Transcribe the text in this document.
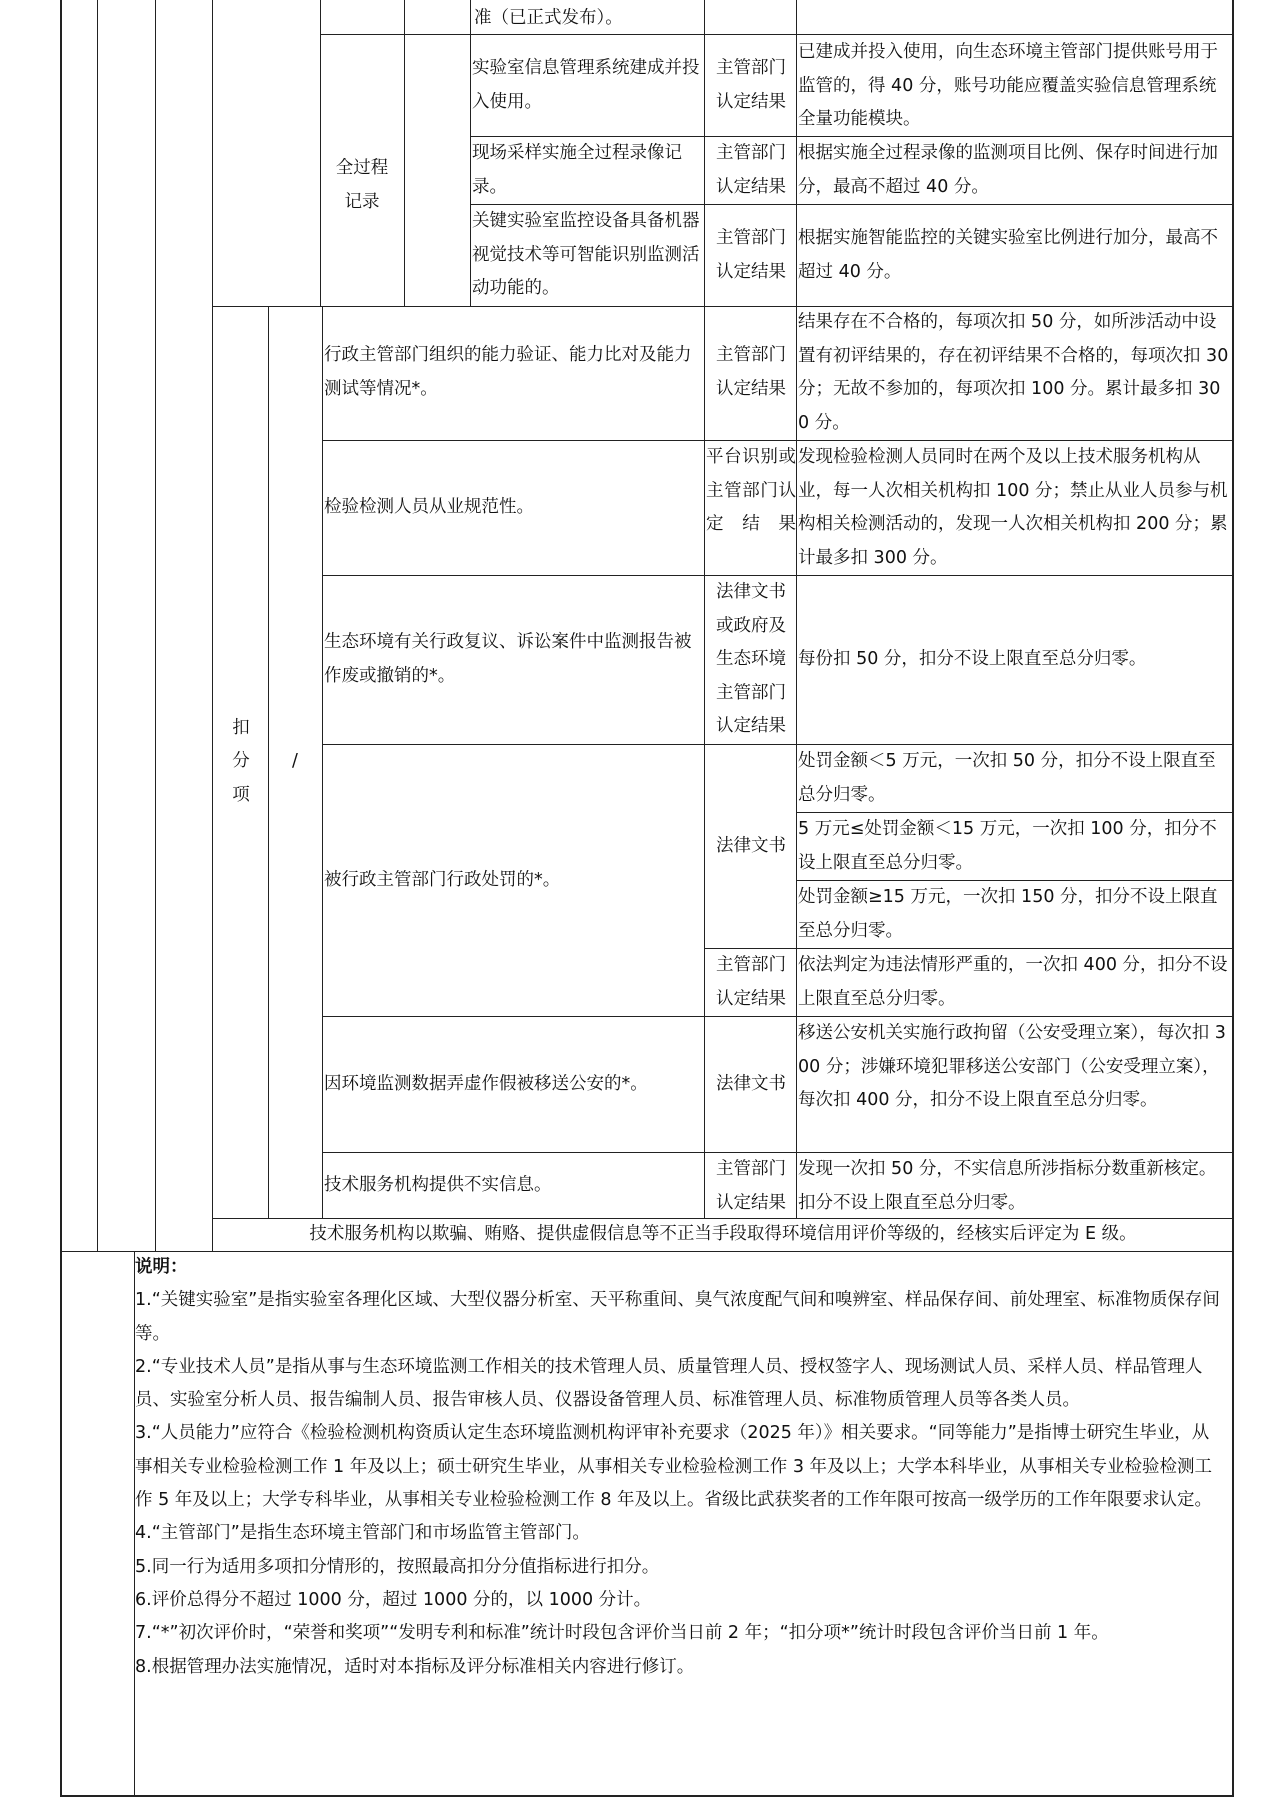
准（已正式发布）。
全过程记录
实验室信息管理系统建成并投入使用。
主管部门认定结果
已建成并投入使用，向生态环境主管部门提供账号用于监管的，得 40 分，账号功能应覆盖实验信息管理系统全量功能模块。
现场采样实施全过程录像记录。
主管部门认定结果
根据实施全过程录像的监测项目比例、保存时间进行加分，最高不超过 40 分。
关键实验室监控设备具备机器视觉技术等可智能识别监测活动功能的。
主管部门认定结果
根据实施智能监控的关键实验室比例进行加分，最高不超过 40 分。
扣分项
/
行政主管部门组织的能力验证、能力比对及能力测试等情况*。
主管部门认定结果
结果存在不合格的，每项次扣 50 分，如所涉活动中设置有初评结果的，存在初评结果不合格的，每项次扣 30 分；无故不参加的，每项次扣 100 分。累计最多扣 300 分。
检验检测人员从业规范性。
平台识别或主管部门认定结果
发现检验检测人员同时在两个及以上技术服务机构从业，每一人次相关机构扣 100 分；禁止从业人员参与机构相关检测活动的，发现一人次相关机构扣 200 分；累计最多扣 300 分。
生态环境有关行政复议、诉讼案件中监测报告被作废或撤销的*。
法律文书或政府及生态环境主管部门认定结果
每份扣 50 分，扣分不设上限直至总分归零。
被行政主管部门行政处罚的*。
法律文书
处罚金额＜5 万元，一次扣 50 分，扣分不设上限直至总分归零。
5 万元≤处罚金额＜15 万元，一次扣 100 分，扣分不设上限直至总分归零。
处罚金额≥15 万元，一次扣 150 分，扣分不设上限直至总分归零。
主管部门认定结果
依法判定为违法情形严重的，一次扣 400 分，扣分不设上限直至总分归零。
因环境监测数据弄虚作假被移送公安的*。	法律文书
移送公安机关实施行政拘留（公安受理立案），每次扣 300 分；涉嫌环境犯罪移送公安部门（公安受理立案），每次扣 400 分，扣分不设上限直至总分归零。
技术服务机构提供不实信息。
主管部门认定结果
发现一次扣 50 分，不实信息所涉指标分数重新核定。扣分不设上限直至总分归零。
技术服务机构以欺骗、贿赂、提供虚假信息等不正当手段取得环境信用评价等级的，经核实后评定为 E 级。
说明：
1.“关键实验室”是指实验室各理化区域、大型仪器分析室、天平称重间、臭气浓度配气间和嗅辨室、样品保存间、前处理室、标准物质保存间等。
2.“专业技术人员”是指从事与生态环境监测工作相关的技术管理人员、质量管理人员、授权签字人、现场测试人员、采样人员、样品管理人员、实验室分析人员、报告编制人员、报告审核人员、仪器设备管理人员、标准管理人员、标准物质管理人员等各类人员。
3.“人员能力”应符合《检验检测机构资质认定生态环境监测机构评审补充要求（2025 年）》相关要求。“同等能力”是指博士研究生毕业，从事相关专业检验检测工作 1 年及以上；硕士研究生毕业，从事相关专业检验检测工作 3 年及以上；大学本科毕业，从事相关专业检验检测工作 5 年及以上；大学专科毕业，从事相关专业检验检测工作 8 年及以上。省级比武获奖者的工作年限可按高一级学历的工作年限要求认定。
4.“主管部门”是指生态环境主管部门和市场监管主管部门。
5.同一行为适用多项扣分情形的，按照最高扣分分值指标进行扣分。
6.评价总得分不超过 1000 分，超过 1000 分的，以 1000 分计。
7.“*”初次评价时，“荣誉和奖项”“发明专利和标准”统计时段包含评价当日前 2 年；“扣分项*”统计时段包含评价当日前 1 年。
8.根据管理办法实施情况，适时对本指标及评分标准相关内容进行修订。
